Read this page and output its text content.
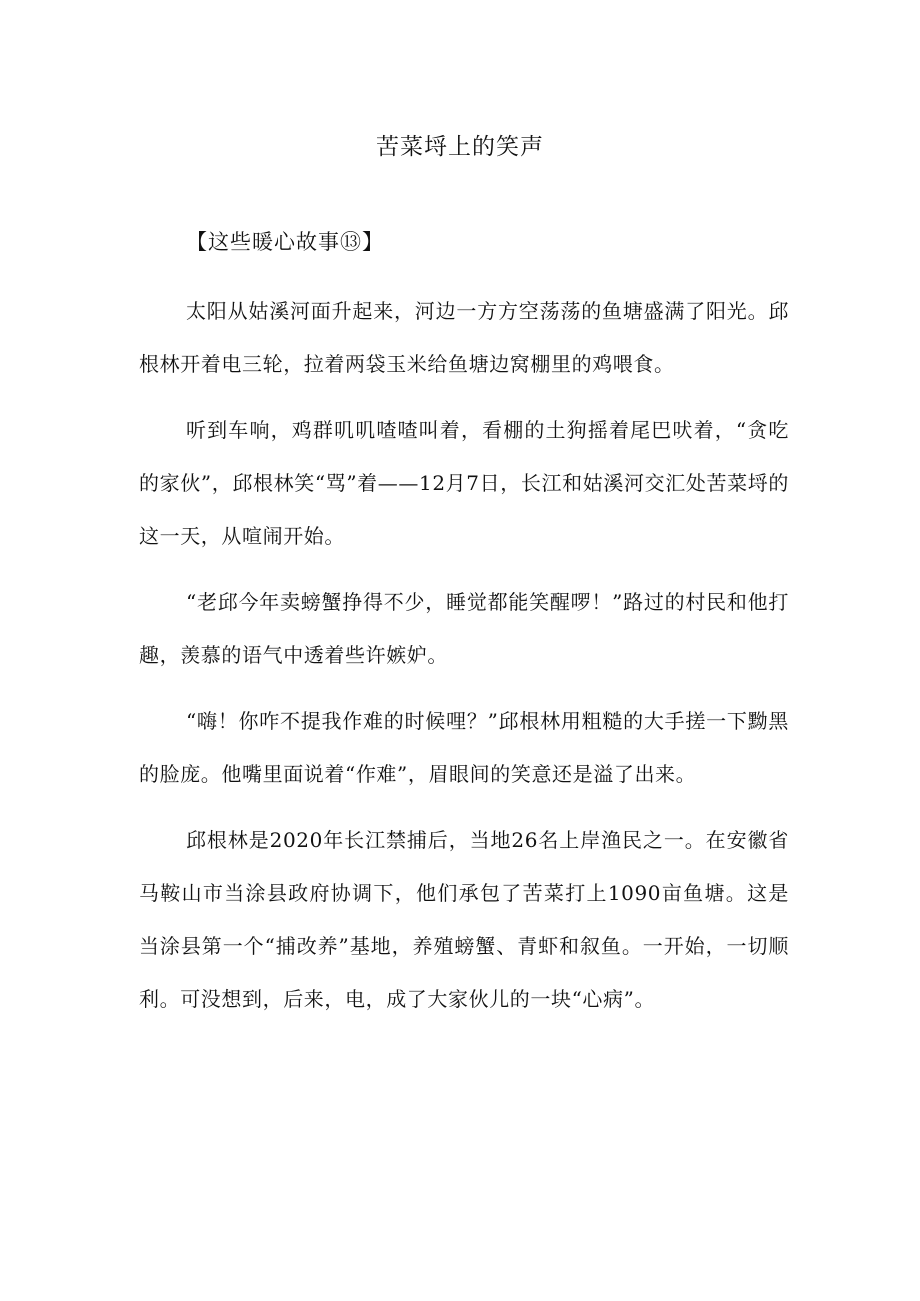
苦菜埒上的笑声
【这些暖心故事⑬】

太阳从姑溪河面升起来，河边一方方空荡荡的鱼塘盛满了阳光。邱根林开着电三轮，拉着两袋玉米给鱼塘边窝棚里的鸡喂食。

听到车响，鸡群叽叽喳喳叫着，看棚的土狗摇着尾巴吠着，“贪吃的家伙”，邱根林笑“骂”着——12月7日，长江和姑溪河交汇处苦菜埒的这一天，从喧闹开始。

“老邱今年卖螃蟹挣得不少，睡觉都能笑醒啰！”路过的村民和他打趣，羡慕的语气中透着些许嫉妒。

“嗨！你咋不提我作难的时候哩？”邱根林用粗糙的大手搓一下黝黑的脸庞。他嘴里面说着“作难”，眉眼间的笑意还是溢了出来。

邱根林是2020年长江禁捕后，当地26名上岸渔民之一。在安徽省马鞍山市当涂县政府协调下，他们承包了苦菜打上1090亩鱼塘。这是当涂县第一个“捕改养”基地，养殖螃蟹、青虾和叙鱼。一开始，一切顺利。可没想到，后来，电，成了大家伙儿的一块“心病”。
